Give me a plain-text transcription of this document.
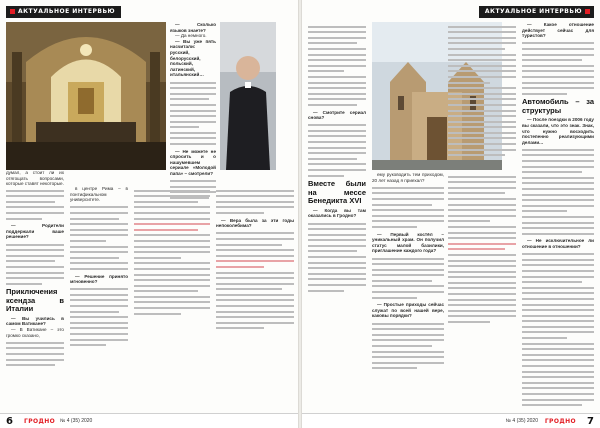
АКТУАЛЬНОЕ ИНТЕРВЬЮ
думал, а стоит ли их отягощать вопросами, которые ставят некоторые.

— Родители поддержали ваше решение?

Приключения ксендза в Италии

— Вы учились в самом Ватикане?

— В Ватикане – это громко сказано,

в центре Рима – в понтификальном университете.

— Решение принято мгновенно?

— Сколько языков знаете?

— Да немного.

— Вы уже пять насчитали: русский, белорусский, польский, латинский, итальянский…

— Не можете не спросить и о нашумевшем сериале «Молодой папа» – смотрели?

— Вера была за эти годы непоколебима?

6 ГРОДНО № 4 (35) 2020
АКТУАЛЬНОЕ ИНТЕРВЬЮ

— Смотрите сериал снова?

Вместе были на мессе Бенедикта XVI

— Когда вы там оказались в Гродно?

ему руководить тем приходом, 20 лет назад я приехал?

— Первый костёл – уникальный храм. Он получил статус малой базилики, приглашение каждого года?

— Простые приходы сейчас служат по всей нашей вере, каковы порядки?

— Какое отношение действует сейчас для туристов?

Автомобиль – за структуры

— После поездки в 2006 году вы сказали, что это знак. Знак, что нужно восходить постепенно реализующими делами...

— Не исключительное ли отношение в отношении?

№ 4 (35) 2020 ГРОДНО 7
